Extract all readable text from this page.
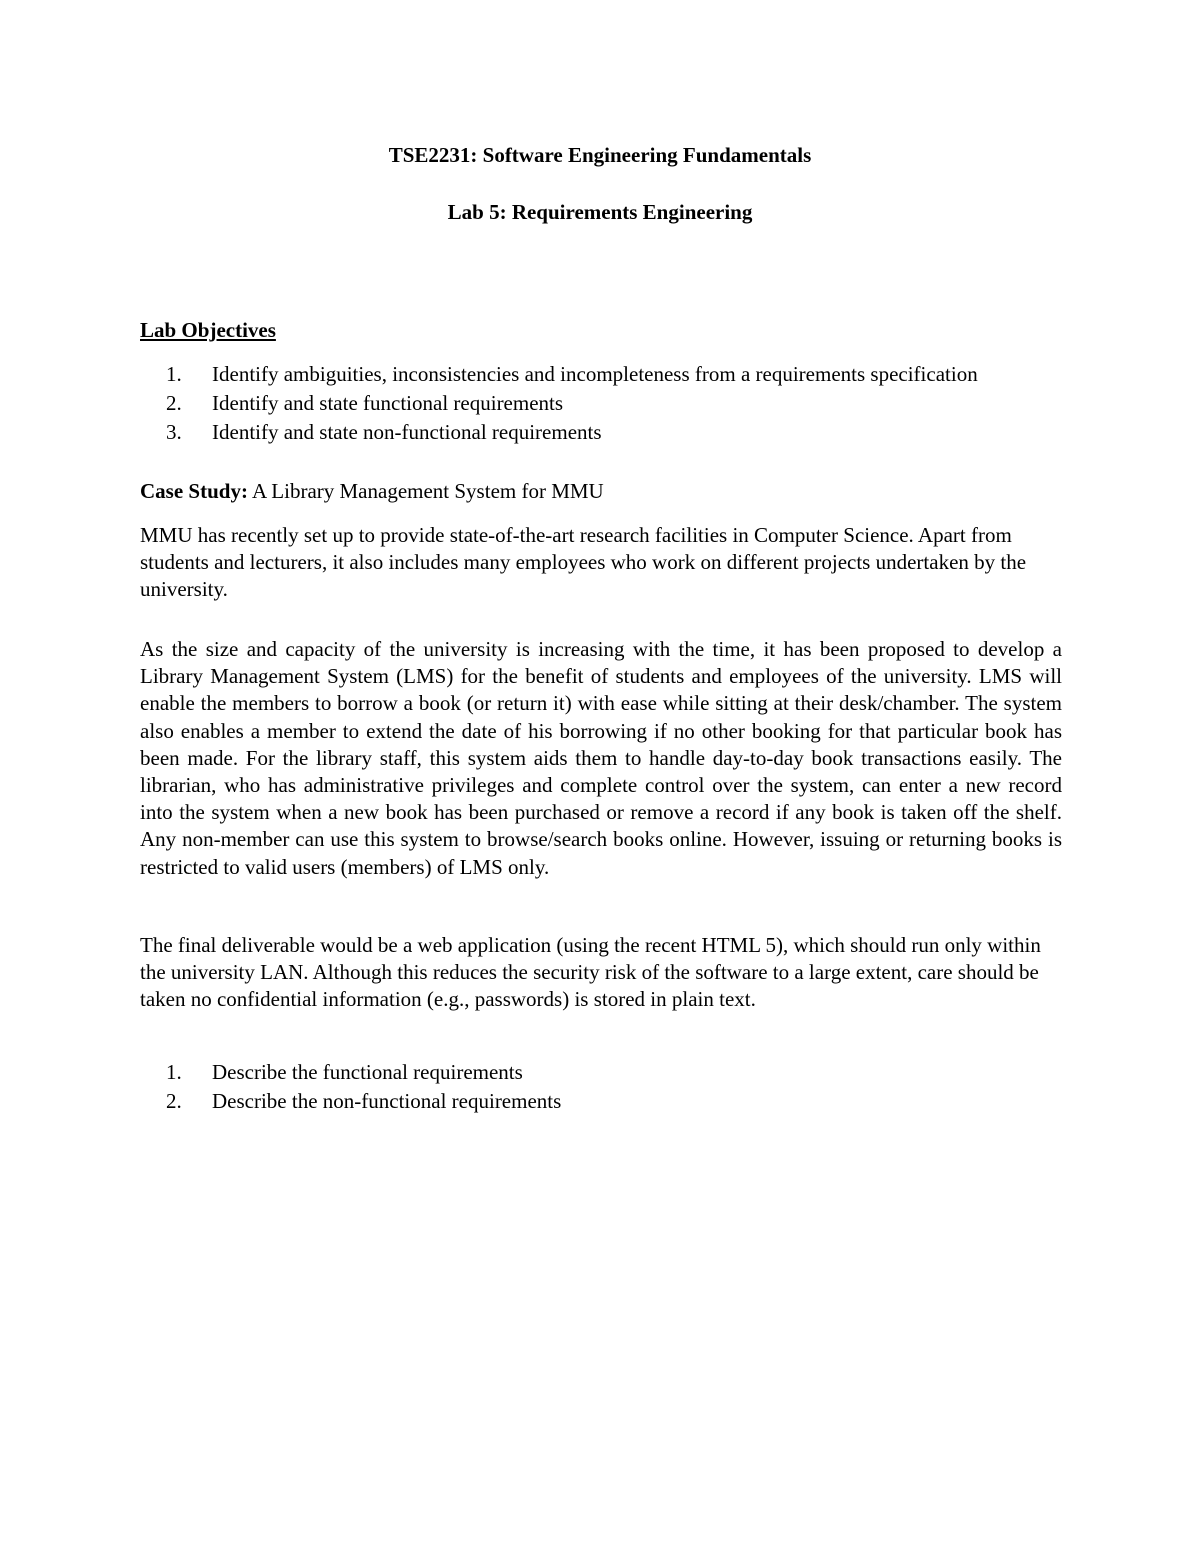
TSE2231: Software Engineering Fundamentals
Lab 5: Requirements Engineering
Lab Objectives
1.	Identify ambiguities, inconsistencies and incompleteness from a requirements specification
2.	Identify and state functional requirements
3.	Identify and state non-functional requirements

Case Study: A Library Management System for MMU

MMU has recently set up to provide state-of-the-art research facilities in Computer Science. Apart from students and lecturers, it also includes many employees who work on different projects undertaken by the university.

As the size and capacity of the university is increasing with the time, it has been proposed to develop a Library Management System (LMS) for the benefit of students and employees of the university. LMS will enable the members to borrow a book (or return it) with ease while sitting at their desk/chamber. The system also enables a member to extend the date of his borrowing if no other booking for that particular book has been made. For the library staff, this system aids them to handle day-to-day book transactions easily. The librarian, who has administrative privileges and complete control over the system, can enter a new record into the system when a new book has been purchased or remove a record if any book is taken off the shelf. Any non-member can use this system to browse/search books online. However, issuing or returning books is restricted to valid users (members) of LMS only.

The final deliverable would be a web application (using the recent HTML 5), which should run only within the university LAN. Although this reduces the security risk of the software to a large extent, care should be taken no confidential information (e.g., passwords) is stored in plain text.

1.	Describe the functional requirements
2.	Describe the non-functional requirements
